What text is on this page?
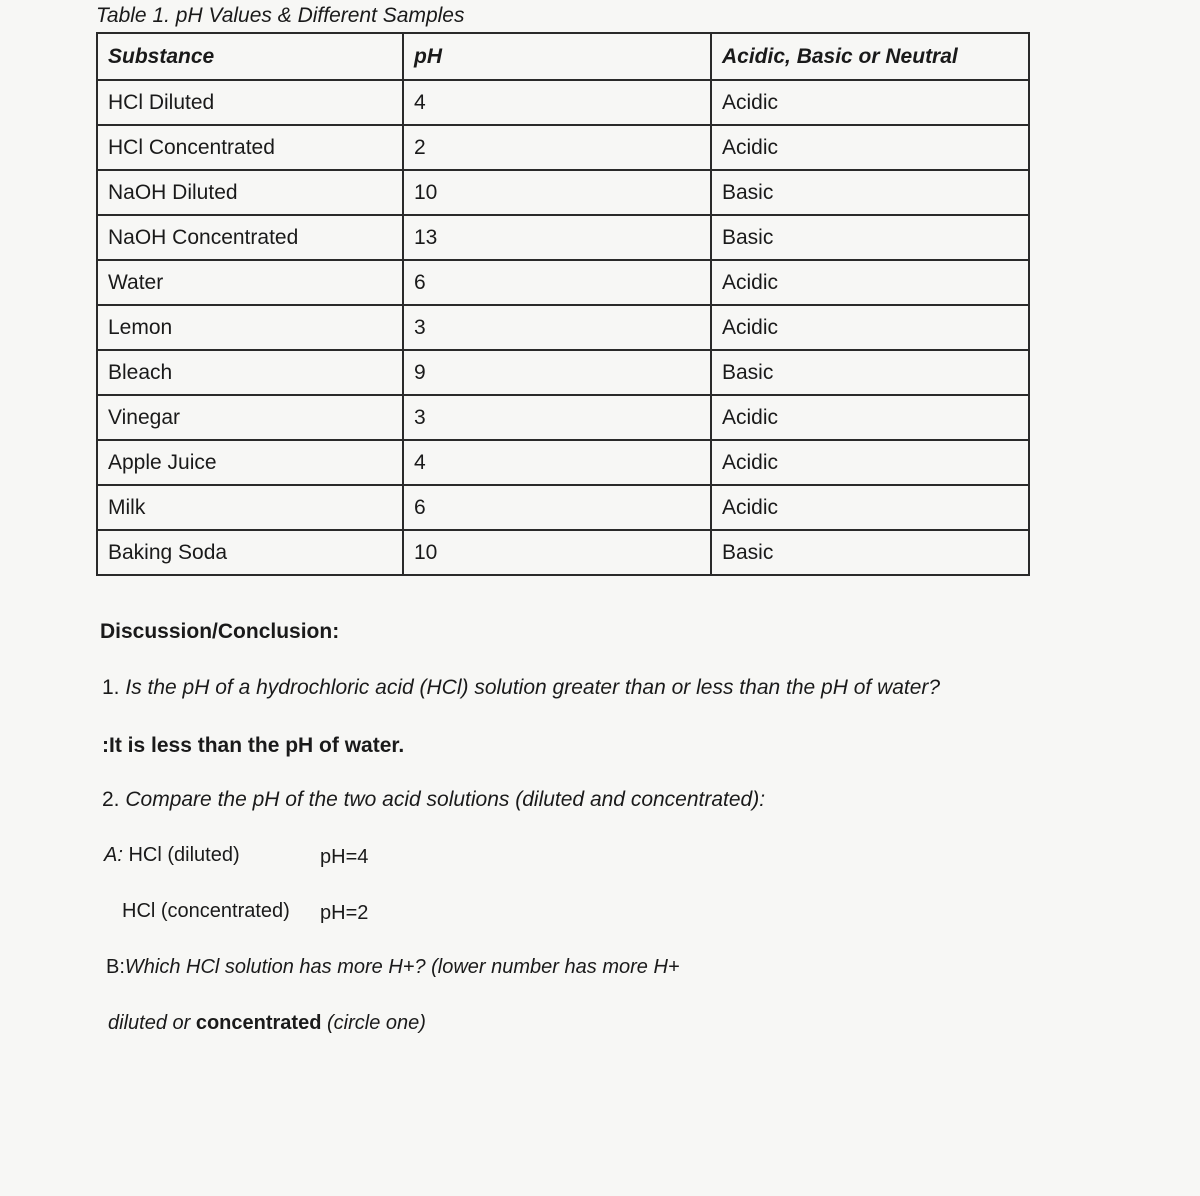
Table 1. pH Values & Different Samples
Substance	pH	Acidic, Basic or Neutral
HCl Diluted	4	Acidic
HCl Concentrated	2	Acidic
NaOH Diluted	10	Basic
NaOH Concentrated	13	Basic
Water	6	Acidic
Lemon	3	Acidic
Bleach	9	Basic
Vinegar	3	Acidic
Apple Juice	4	Acidic
Milk	6	Acidic
Baking Soda	10	Basic
Discussion/Conclusion:
1. Is the pH of a hydrochloric acid (HCl) solution greater than or less than the pH of water?
:It is less than the pH of water.
2. Compare the pH of the two acid solutions (diluted and concentrated):
A: HCl (diluted)	pH=4
HCl (concentrated) pH=2
B:Which HCl solution has more H+? (lower number has more H+
diluted or concentrated (circle one)
